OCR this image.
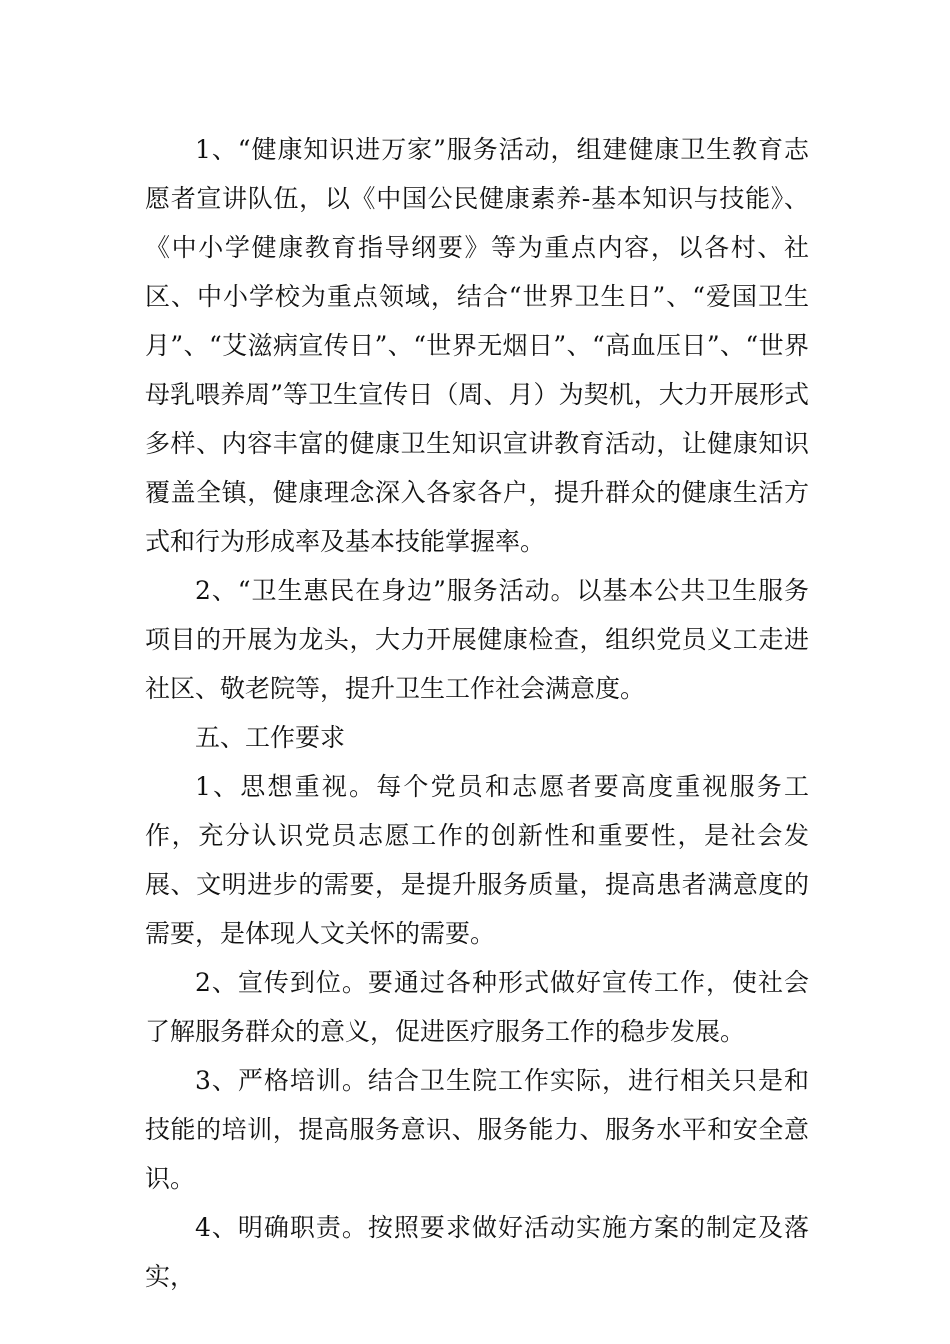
1、“健康知识进万家”服务活动，组建健康卫生教育志愿者宣讲队伍，以《中国公民健康素养-基本知识与技能》、《中小学健康教育指导纲要》等为重点内容，以各村、社区、中小学校为重点领域，结合“世界卫生日”、“爱国卫生月”、“艾滋病宣传日”、“世界无烟日”、“高血压日”、“世界母乳喂养周”等卫生宣传日（周、月）为契机，大力开展形式多样、内容丰富的健康卫生知识宣讲教育活动，让健康知识覆盖全镇，健康理念深入各家各户，提升群众的健康生活方式和行为形成率及基本技能掌握率。

2、“卫生惠民在身边”服务活动。以基本公共卫生服务项目的开展为龙头，大力开展健康检查，组织党员义工走进社区、敬老院等，提升卫生工作社会满意度。

五、工作要求

1、思想重视。每个党员和志愿者要高度重视服务工作，充分认识党员志愿工作的创新性和重要性，是社会发展、文明进步的需要，是提升服务质量，提高患者满意度的需要，是体现人文关怀的需要。

2、宣传到位。要通过各种形式做好宣传工作，使社会了解服务群众的意义，促进医疗服务工作的稳步发展。

3、严格培训。结合卫生院工作实际，进行相关只是和技能的培训，提高服务意识、服务能力、服务水平和安全意识。

4、明确职责。按照要求做好活动实施方案的制定及落实，
